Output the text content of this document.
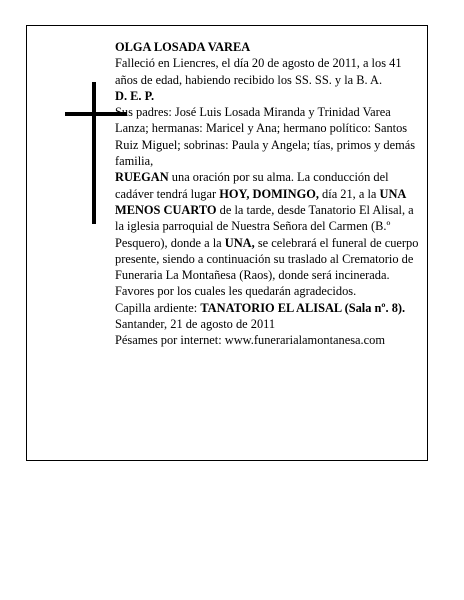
OLGA LOSADA VAREA

Falleció en Liencres, el día 20 de agosto de 2011, a los 41 años de edad, habiendo recibido los SS. SS. y la B. A.

D. E. P.

Sus padres: José Luis Losada Miranda y Trinidad Varea Lanza; hermanas: Maricel y Ana; hermano político: Santos Ruiz Miguel; sobrinas: Paula y Angela; tías, primos y demás familia,

RUEGAN una oración por su alma. La conducción del cadáver tendrá lugar HOY, DOMINGO, día 21, a la UNA MENOS CUARTO de la tarde, desde Tanatorio El Alisal, a la iglesia parroquial de Nuestra Señora del Carmen (B.º Pesquero), donde a la UNA, se celebrará el funeral de cuerpo presente, siendo a continuación su traslado al Crematorio de Funeraria La Montañesa (Raos), donde será incinerada. Favores por los cuales les quedarán agradecidos.

Capilla ardiente: TANATORIO EL ALISAL (Sala nº. 8).

Santander, 21 de agosto de 2011

Pésames por internet: www.funerarialamontanesa.com
